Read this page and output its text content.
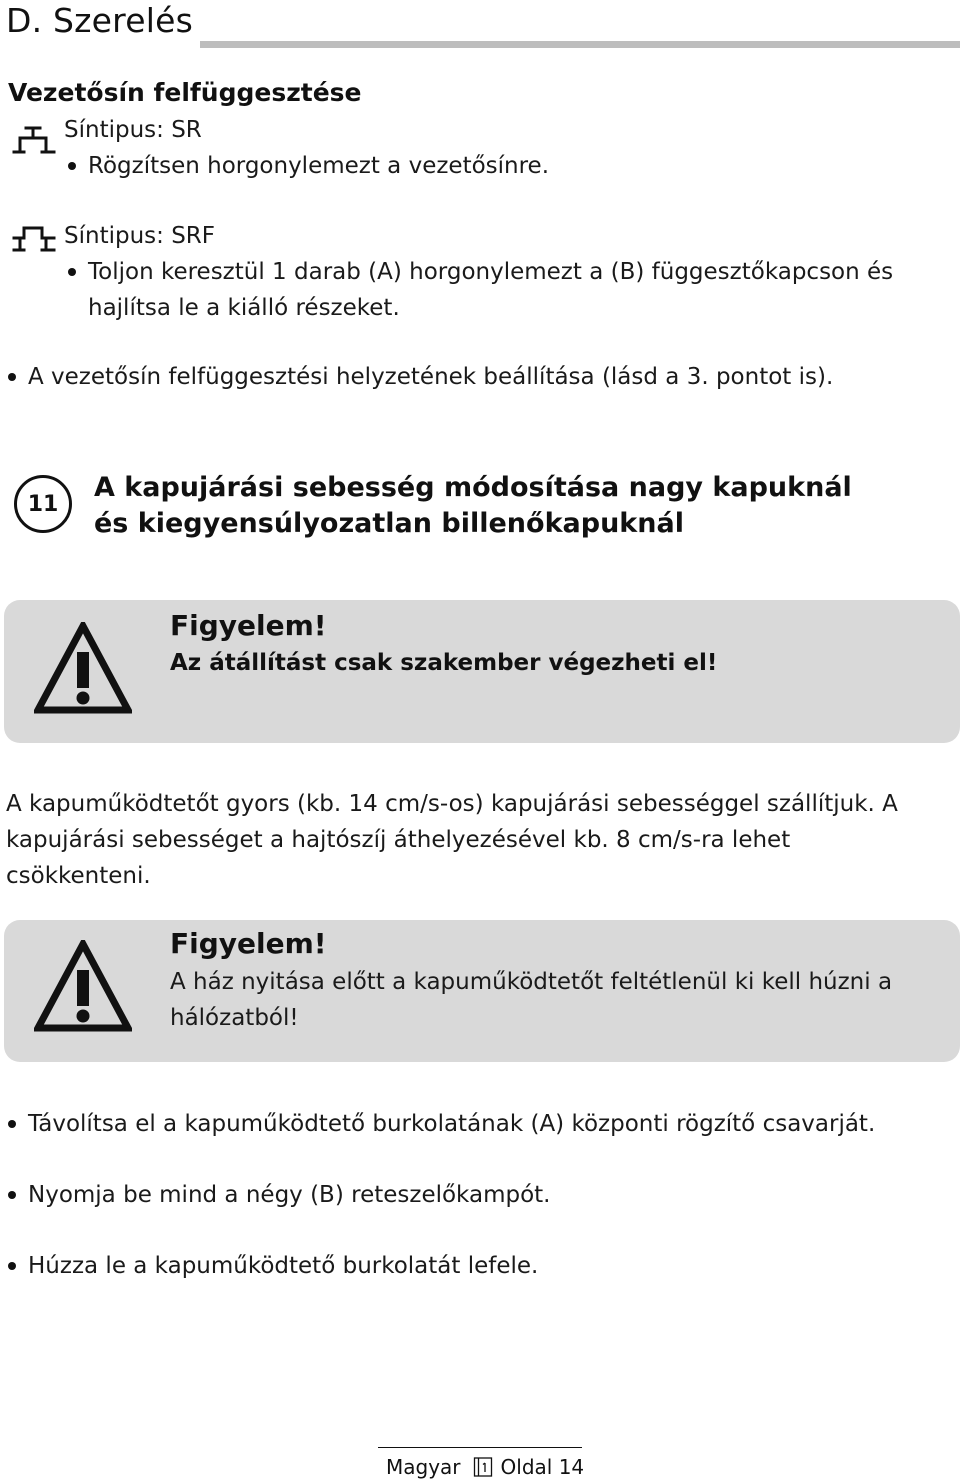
D. Szerelés
Vezetősín felfüggesztése
Síntipus: SR
Rögzítsen horgonylemezt a vezetősínre.
Síntipus: SRF
Toljon keresztül 1 darab (A) horgonylemezt a (B) függesztőkapcson és hajlítsa le a kiálló részeket.
A vezetősín felfüggesztési helyzetének beállítása (lásd a 3. pontot is).
11
A kapujárási sebesség módosítása nagy kapuknál
és kiegyensúlyozatlan billenőkapuknál
Figyelem!
Az átállítást csak szakember végezheti el!
A kapuműködtetőt gyors (kb. 14 cm/s-os) kapujárási sebességgel szállítjuk. A kapujárási sebességet a hajtószíj áthelyezésével kb. 8 cm/s-ra lehet csökkenteni.
Figyelem!
A ház nyitása előtt a kapuműködtetőt feltétlenül ki kell húzni a hálózatból!
Távolítsa el a kapuműködtető burkolatának (A) központi rögzítő csavarját.
Nyomja be mind a négy (B) reteszelőkampót.
Húzza le a kapuműködtető burkolatát lefele.
Magyar Oldal 14
